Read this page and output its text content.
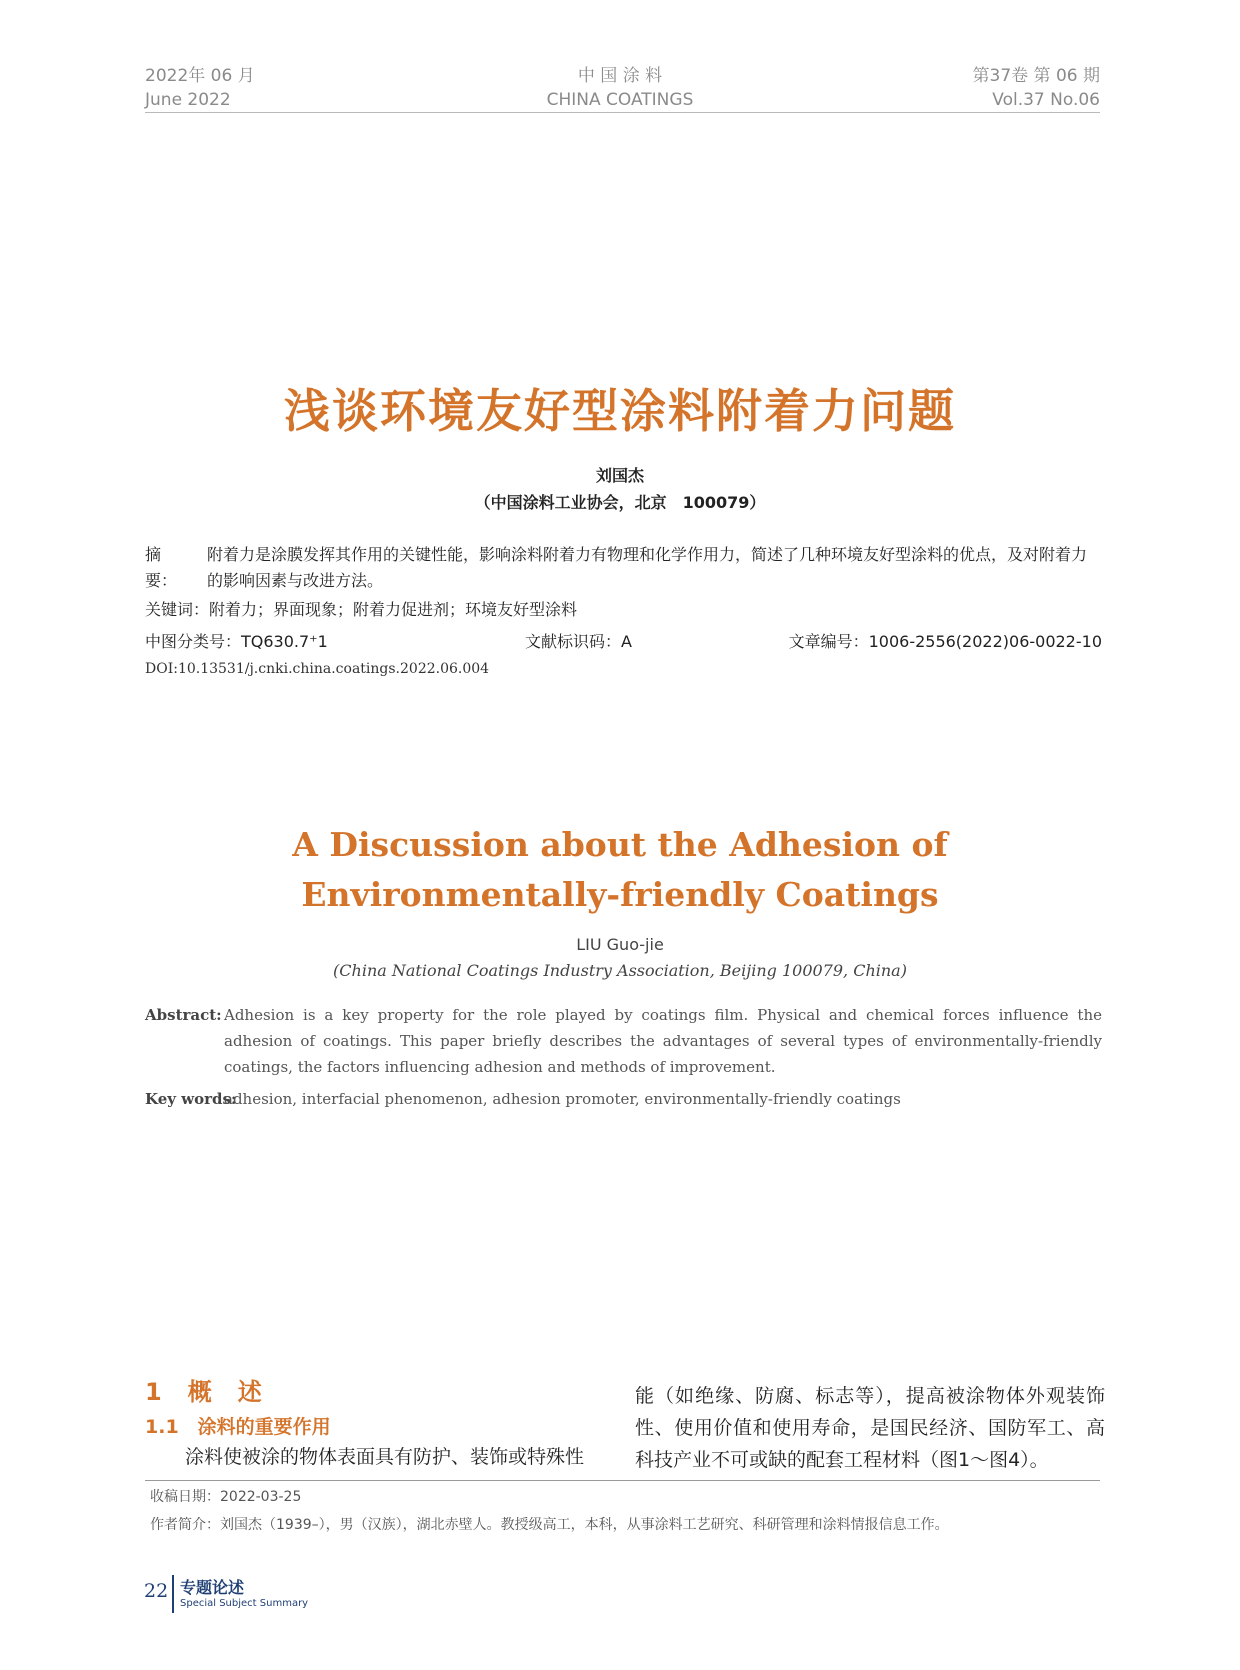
2022年 06 月
June 2022
中 国 涂 料
CHINA COATINGS
第37卷 第 06 期
Vol.37 No.06
浅谈环境友好型涂料附着力问题
刘国杰
（中国涂料工业协会，北京　100079）
摘　要：
附着力是涂膜发挥其作用的关键性能，影响涂料附着力有物理和化学作用力，简述了几种环境友好型涂料的优点，及对附着力的影响因素与改进方法。
关键词：附着力；界面现象；附着力促进剂；环境友好型涂料
中图分类号：TQ630.7⁺1	文献标识码：A	文章编号：1006-2556(2022)06-0022-10
DOI:10.13531/j.cnki.china.coatings.2022.06.004
A Discussion about the Adhesion of Environmentally-friendly Coatings
LIU Guo-jie
(China National Coatings Industry Association, Beijing 100079, China)
Abstract: Adhesion is a key property for the role played by coatings film. Physical and chemical forces influence the adhesion of coatings. This paper briefly describes the advantages of several types of environmentally-friendly coatings, the factors influencing adhesion and methods of improvement.
Key words:
adhesion, interfacial phenomenon, adhesion promoter, environmentally-friendly coatings
1　概　述
1.1　涂料的重要作用
涂料使被涂的物体表面具有防护、装饰或特殊性
能（如绝缘、防腐、标志等），提高被涂物体外观装饰性、使用价值和使用寿命，是国民经济、国防军工、高科技产业不可或缺的配套工程材料（图1～图4）。
收稿日期：2022-03-25
作者简介：刘国杰（1939–），男（汉族），湖北赤壁人。教授级高工，本科，从事涂料工艺研究、科研管理和涂料情报信息工作。
22 专题论述
Special Subject Summary
